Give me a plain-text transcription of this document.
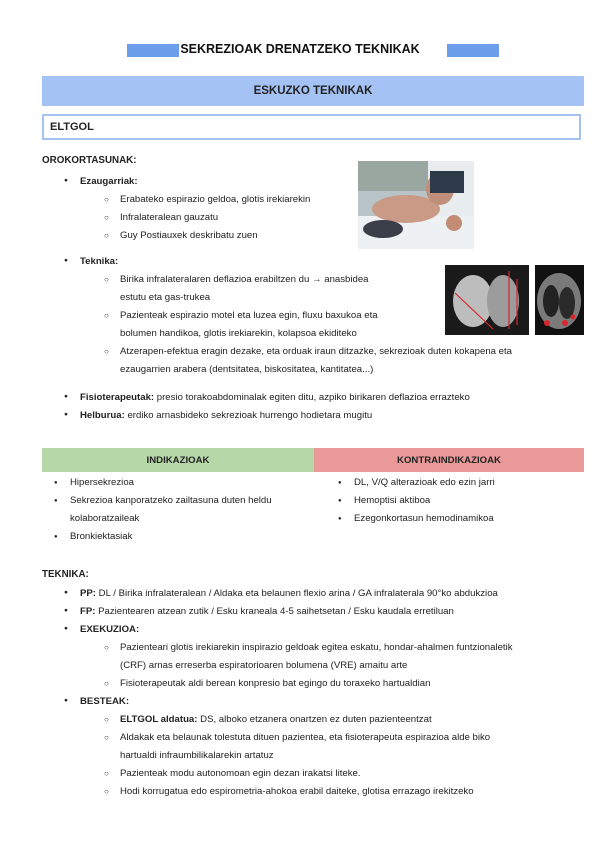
SEKREZIOAK DRENATZEKO TEKNIKAK
ESKUZKO TEKNIKAK
ELTGOL
OROKORTASUNAK:
● Ezaugarriak:
○ Erabateko espirazio geldoa, glotis irekiarekin
○ Infralateralean gauzatu
○ Guy Postiauxek deskribatu zuen
● Teknika:
○ Birika infralateralaren deflazioa erabiltzen du → anasbidea
estutu eta gas-trukea
○ Pazienteak espirazio motel eta luzea egin, fluxu baxukoa eta
bolumen handikoa, glotis irekiarekin, kolapsoa ekiditeko
○ Atzerapen-efektua eragin dezake, eta orduak iraun ditzazke, sekrezioak duten kokapena eta
ezaugarrien arabera (dentsitatea, biskositatea, kantitatea...)
● Fisioterapeutak: presio torakoabdominalak egiten ditu, azpiko birikaren deflazioa errazteko
● Helburua: erdiko arnasbideko sekrezioak hurrengo hodietara mugitu
INDIKAZIOAK	KONTRAINDIKAZIOAK
● Hipersekrezioa
● Sekrezioa kanporatzeko zailtasuna duten heldu kolaboratzaileak
● Bronkiektasiak
● DL, V/Q alterazioak edo ezin jarri
● Hemoptisi aktiboa
● Ezegonkortasun hemodinamikoa
TEKNIKA:
● PP: DL / Birika infralateralean / Aldaka eta belaunen flexio arina / GA infralaterala 90°ko abdukzioa
● FP: Pazientearen atzean zutik / Esku kraneala 4-5 saihetsetan / Esku kaudala erretiluan
● EXEKUZIOA:
○ Pazienteari glotis irekiarekin inspirazio geldoak egitea eskatu, hondar-ahalmen funtzionaletik
(CRF) arnas erreserba espiratorioaren bolumena (VRE) amaitu arte
○ Fisioterapeutak aldi berean konpresio bat egingo du toraxeko hartualdian
● BESTEAK:
○ ELTGOL aldatua: DS, alboko etzanera onartzen ez duten pazienteentzat
○ Aldakak eta belaunak tolestuta dituen pazientea, eta fisioterapeuta espirazioa alde biko
hartualdi infraumbilikalarekin artatuz
○ Pazienteak modu autonomoan egin dezan irakatsi liteke.
○ Hodi korrugatua edo espirometria-ahokoa erabil daiteke, glotisa errazago irekitzeko
